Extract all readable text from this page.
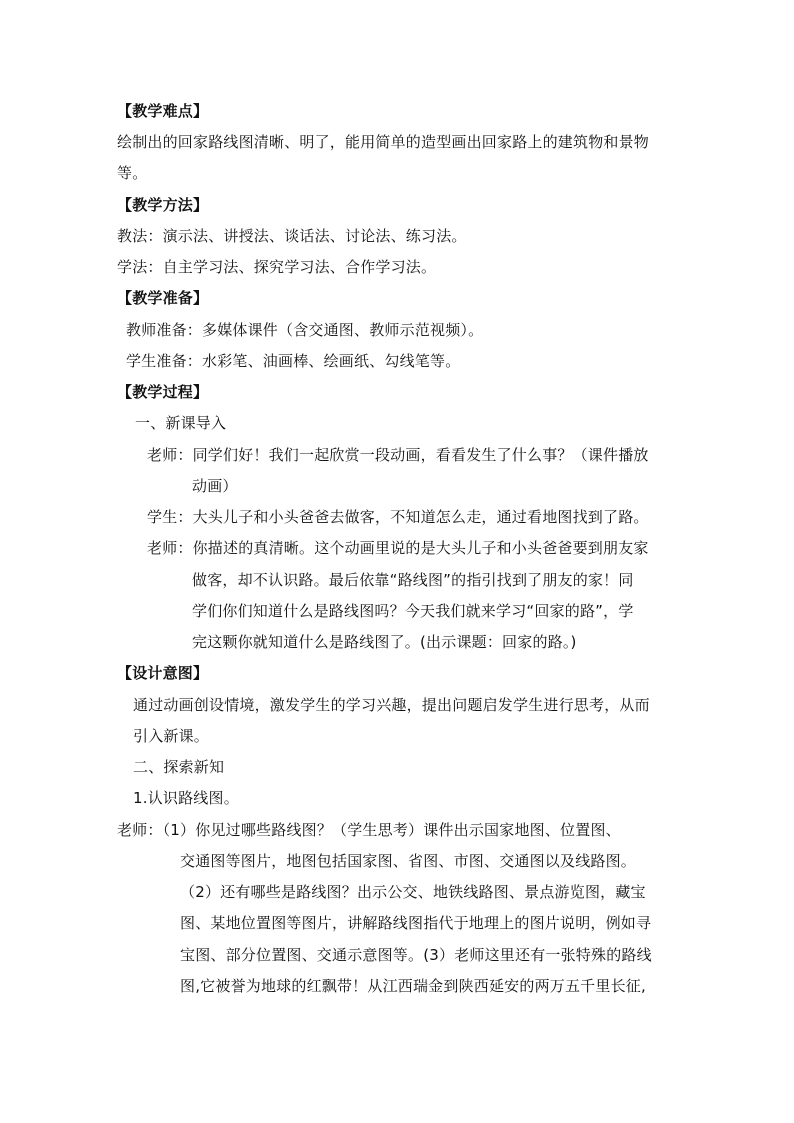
【教学难点】
绘制出的回家路线图清晰、明了，能用简单的造型画出回家路上的建筑物和景物
等。
【教学方法】
教法：演示法、讲授法、谈话法、讨论法、练习法。
学法：自主学习法、探究学习法、合作学习法。
【教学准备】
教师准备：多媒体课件（含交通图、教师示范视频）。
学生准备：水彩笔、油画棒、绘画纸、勾线笔等。
【教学过程】
一、新课导入
老师：同学们好！我们一起欣赏一段动画，看看发生了什么事？（课件播放
动画）
学生：大头儿子和小头爸爸去做客，不知道怎么走，通过看地图找到了路。
老师：你描述的真清晰。这个动画里说的是大头儿子和小头爸爸要到朋友家
做客，却不认识路。最后依靠“路线图”的指引找到了朋友的家！同
学们你们知道什么是路线图吗？今天我们就来学习“回家的路”，学
完这颗你就知道什么是路线图了。(出示课题：回家的路。)
【设计意图】
通过动画创设情境，激发学生的学习兴趣，提出问题启发学生进行思考，从而
引入新课。
二、探索新知
1.认识路线图。
老师：（1）你见过哪些路线图？（学生思考）课件出示国家地图、位置图、
交通图等图片，地图包括国家图、省图、市图、交通图以及线路图。
（2）还有哪些是路线图？出示公交、地铁线路图、景点游览图，藏宝
图、某地位置图等图片，讲解路线图指代于地理上的图片说明，例如寻
宝图、部分位置图、交通示意图等。(3）老师这里还有一张特殊的路线
图,它被誉为地球的红飘带！从江西瑞金到陕西延安的两万五千里长征,
